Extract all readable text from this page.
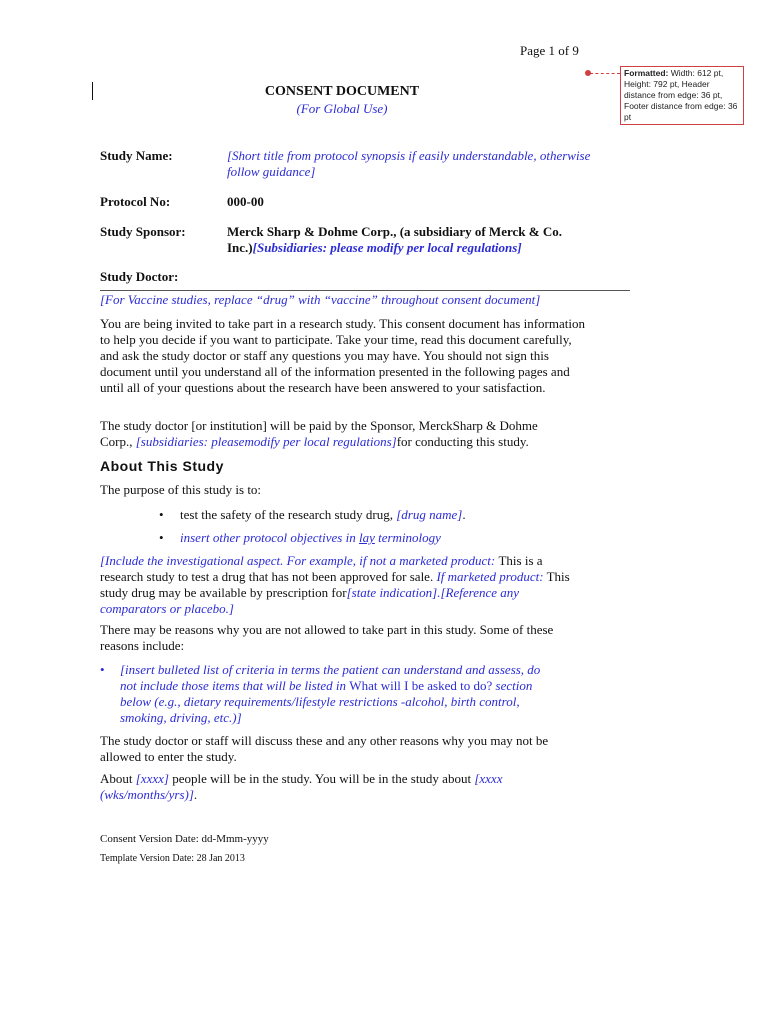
Page 1 of 9
Formatted: Width: 612 pt, Height: 792 pt, Header distance from edge: 36 pt, Footer distance from edge: 36 pt
CONSENT DOCUMENT
(For Global Use)
Study Name:	[Short title from protocol synopsis if easily understandable, otherwise follow guidance]
Protocol No:	000-00
Study Sponsor:	Merck Sharp & Dohme Corp., (a subsidiary of Merck & Co. Inc.)[Subsidiaries: please modify per local regulations]
Study Doctor:
[For Vaccine studies, replace “drug” with “vaccine” throughout consent document]
You are being invited to take part in a research study. This consent document has information to help you decide if you want to participate. Take your time, read this document carefully, and ask the study doctor or staff any questions you may have. You should not sign this document until you understand all of the information presented in the following pages and until all of your questions about the research have been answered to your satisfaction.
The study doctor [or institution] will be paid by the Sponsor, MerckSharp & Dohme Corp., [subsidiaries: pleasemodify per local regulations]for conducting this study.
About This Study
The purpose of this study is to:
• test the safety of the research study drug, [drug name].
• insert other protocol objectives in lay terminology
[Include the investigational aspect. For example, if not a marketed product: This is a research study to test a drug that has not been approved for sale. If marketed product: This study drug may be available by prescription for[state indication].[Reference any comparators or placebo.]
There may be reasons why you are not allowed to take part in this study. Some of these reasons include:
• [insert bulleted list of criteria in terms the patient can understand and assess, do not include those items that will be listed in What will I be asked to do? section below (e.g., dietary requirements/lifestyle restrictions -alcohol, birth control, smoking, driving, etc.)]
The study doctor or staff will discuss these and any other reasons why you may not be allowed to enter the study.
About [xxxx] people will be in the study. You will be in the study about [xxxx (wks/months/yrs)].
Consent Version Date: dd-Mmm-yyyy
Template Version Date: 28 Jan 2013
